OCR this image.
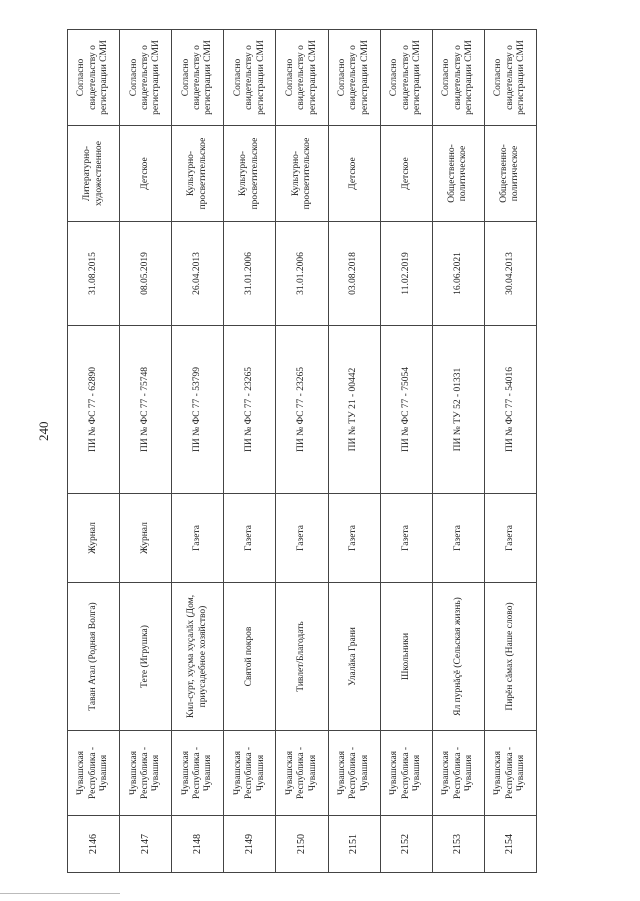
240
2146	Чувашская Республика - Чувашия	Таван Атал (Родная Волга)	Журнал	ПИ № ФС 77 - 62890	31.08.2015	Литературно-художественное	Согласно свидетельству о регистрации СМИ
2147	Чувашская Республика - Чувашия	Тете (Игрушка)	Журнал	ПИ № ФС 77 - 75748	08.05.2019	Детское	Согласно свидетельству о регистрации СМИ
2148	Чувашская Республика - Чувашия	Кил-сурт, хуçма хуçалăх (Дом, приусадебное хозяйство)	Газета	ПИ № ФС 77 - 53799	26.04.2013	Культурно-просветительское	Согласно свидетельству о регистрации СМИ
2149	Чувашская Республика - Чувашия	Святой покров	Газета	ПИ № ФС 77 - 23265	31.01.2006	Культурно-просветительское	Согласно свидетельству о регистрации СМИ
2150	Чувашская Республика - Чувашия	Тивлет/Благодать	Газета	ПИ № ФС 77 - 23265	31.01.2006	Культурно-просветительское	Согласно свидетельству о регистрации СМИ
2151	Чувашская Республика - Чувашия	Улалăка Грани	Газета	ПИ № ТУ 21 - 00442	03.08.2018	Детское	Согласно свидетельству о регистрации СМИ
2152	Чувашская Республика - Чувашия	Школьники	Газета	ПИ № ФС 77 - 75054	11.02.2019	Детское	Согласно свидетельству о регистрации СМИ
2153	Чувашская Республика - Чувашия	Ял пурнăçĕ (Сельская жизнь)	Газета	ПИ № ТУ 52 - 01331	16.06.2021	Общественно-политическое	Согласно свидетельству о регистрации СМИ
2154	Чувашская Республика - Чувашия	Пирĕн сăмах (Наше слово)	Газета	ПИ № ФС 77 - 54016	30.04.2013	Общественно-политическое	Согласно свидетельству о регистрации СМИ
